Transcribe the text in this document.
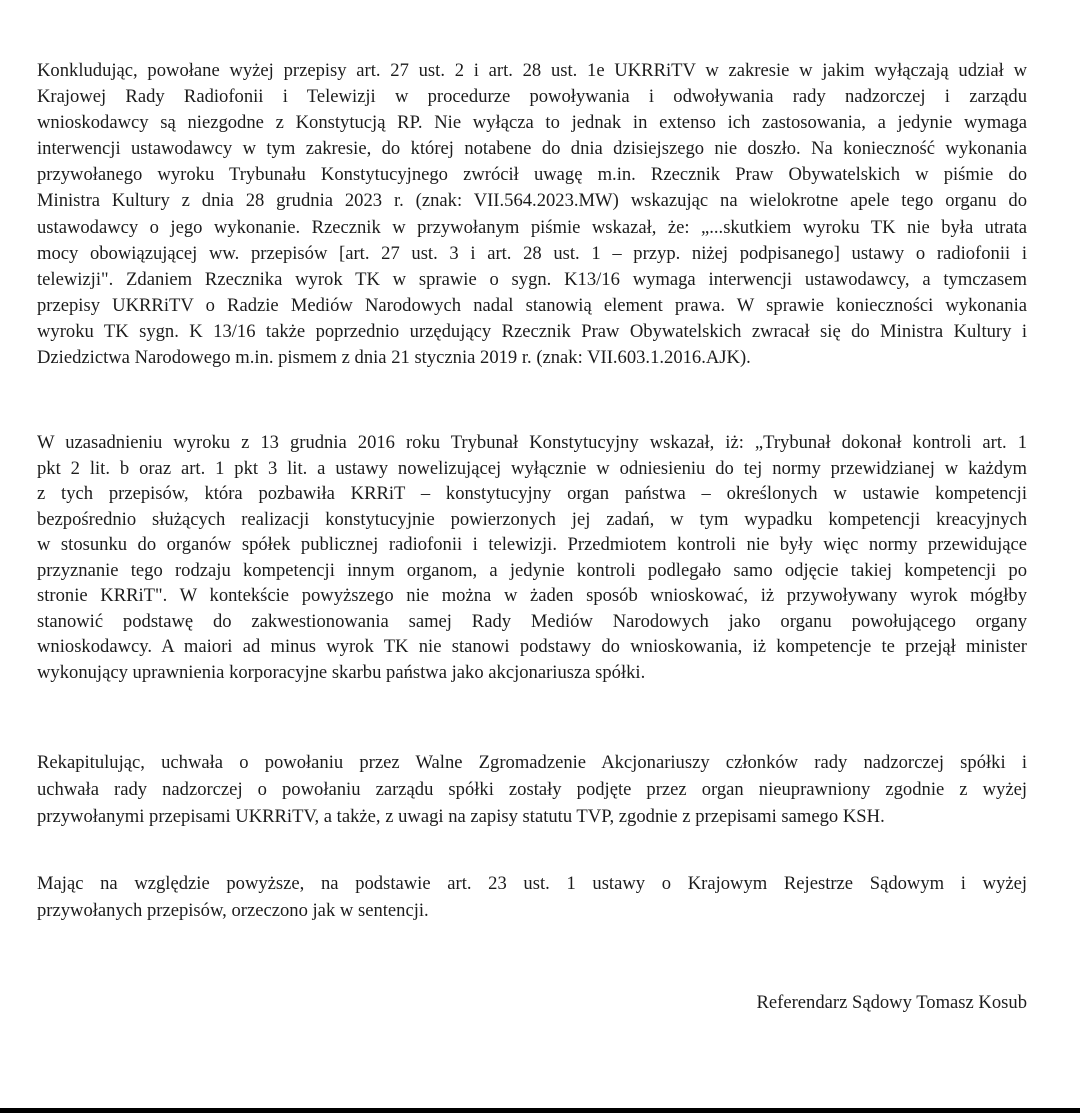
Konkludując, powołane wyżej przepisy art. 27 ust. 2 i art. 28 ust. 1e UKRRiTV w zakresie w jakim wyłączają udział w
Krajowej Rady Radiofonii i Telewizji w procedurze powoływania i odwoływania rady nadzorczej i zarządu
wnioskodawcy są niezgodne z Konstytucją RP. Nie wyłącza to jednak in extenso ich zastosowania, a jedynie wymaga
interwencji ustawodawcy w tym zakresie, do której notabene do dnia dzisiejszego nie doszło. Na konieczność wykonania
przywołanego wyroku Trybunału Konstytucyjnego zwrócił uwagę m.in. Rzecznik Praw Obywatelskich w piśmie do
Ministra Kultury z dnia 28 grudnia 2023 r. (znak: VII.564.2023.MW) wskazując na wielokrotne apele tego organu do
ustawodawcy o jego wykonanie. Rzecznik w przywołanym piśmie wskazał, że: „...skutkiem wyroku TK nie była utrata
mocy obowiązującej ww. przepisów [art. 27 ust. 3 i art. 28 ust. 1 – przyp. niżej podpisanego] ustawy o radiofonii i
telewizji". Zdaniem Rzecznika wyrok TK w sprawie o sygn. K13/16 wymaga interwencji ustawodawcy, a tymczasem
przepisy UKRRiTV o Radzie Mediów Narodowych nadal stanowią element prawa. W sprawie konieczności wykonania
wyroku TK sygn. K 13/16 także poprzednio urzędujący Rzecznik Praw Obywatelskich zwracał się do Ministra Kultury i
Dziedzictwa Narodowego m.in. pismem z dnia 21 stycznia 2019 r. (znak: VII.603.1.2016.AJK).
W uzasadnieniu wyroku z 13 grudnia 2016 roku Trybunał Konstytucyjny wskazał, iż: „Trybunał dokonał kontroli art. 1
pkt 2 lit. b oraz art. 1 pkt 3 lit. a ustawy nowelizującej wyłącznie w odniesieniu do tej normy przewidzianej w każdym
z tych przepisów, która pozbawiła KRRiT – konstytucyjny organ państwa – określonych w ustawie kompetencji
bezpośrednio służących realizacji konstytucyjnie powierzonych jej zadań, w tym wypadku kompetencji kreacyjnych
w stosunku do organów spółek publicznej radiofonii i telewizji. Przedmiotem kontroli nie były więc normy przewidujące
przyznanie tego rodzaju kompetencji innym organom, a jedynie kontroli podlegało samo odjęcie takiej kompetencji po
stronie KRRiT". W kontekście powyższego nie można w żaden sposób wnioskować, iż przywoływany wyrok mógłby
stanowić podstawę do zakwestionowania samej Rady Mediów Narodowych jako organu powołującego organy
wnioskodawcy. A maiori ad minus wyrok TK nie stanowi podstawy do wnioskowania, iż kompetencje te przejął minister
wykonujący uprawnienia korporacyjne skarbu państwa jako akcjonariusza spółki.
Rekapitulując, uchwała o powołaniu przez Walne Zgromadzenie Akcjonariuszy członków rady nadzorczej spółki i
uchwała rady nadzorczej o powołaniu zarządu spółki zostały podjęte przez organ nieuprawniony zgodnie z wyżej
przywołanymi przepisami UKRRiTV, a także, z uwagi na zapisy statutu TVP, zgodnie z przepisami samego KSH.
Mając na względzie powyższe, na podstawie art. 23 ust. 1 ustawy o Krajowym Rejestrze Sądowym i wyżej
przywołanych przepisów, orzeczono jak w sentencji.
Referendarz Sądowy Tomasz Kosub
